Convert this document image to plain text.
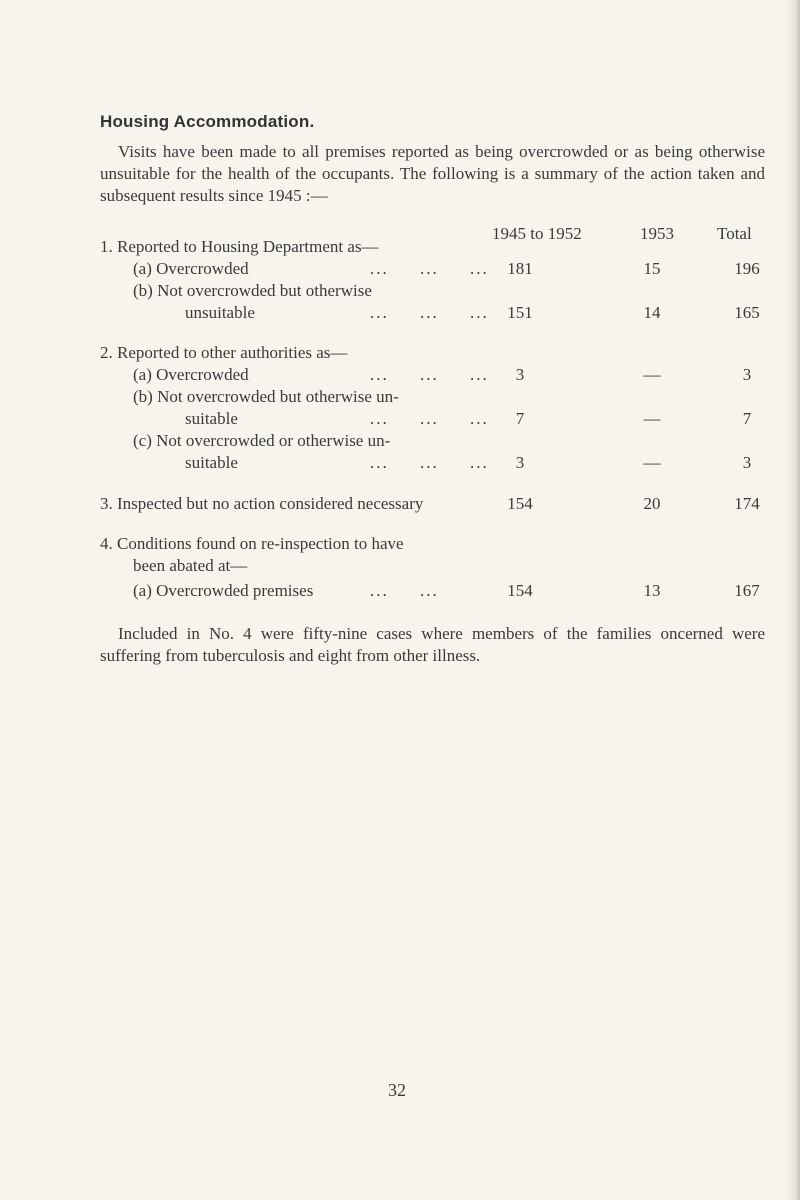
Housing Accommodation.
Visits have been made to all premises reported as being overcrowded or as being otherwise unsuitable for the health of the occupants. The following is a summary of the action taken and subsequent results since 1945 :—
1945 to 1952	1953	Total
1. Reported to Housing Department as—
(a) Overcrowded	...     ...     ...	181	15	196
(b) Not overcrowded but otherwise
unsuitable	...     ...     ...	151	14	165
2. Reported to other authorities as—
(a) Overcrowded	...     ...     ...	3	—	3
(b) Not overcrowded but otherwise un-
suitable	...     ...     ...	7	—	7
(c) Not overcrowded or otherwise un-
suitable	...     ...     ...	3	—	3
3. Inspected but no action considered necessary	154	20	174
4. Conditions found on re-inspection to have
been abated at—
(a) Overcrowded premises	...     ...	154	13	167
Included in No. 4 were fifty-nine cases where members of the families oncerned were suffering from tuberculosis and eight from other illness.
32
